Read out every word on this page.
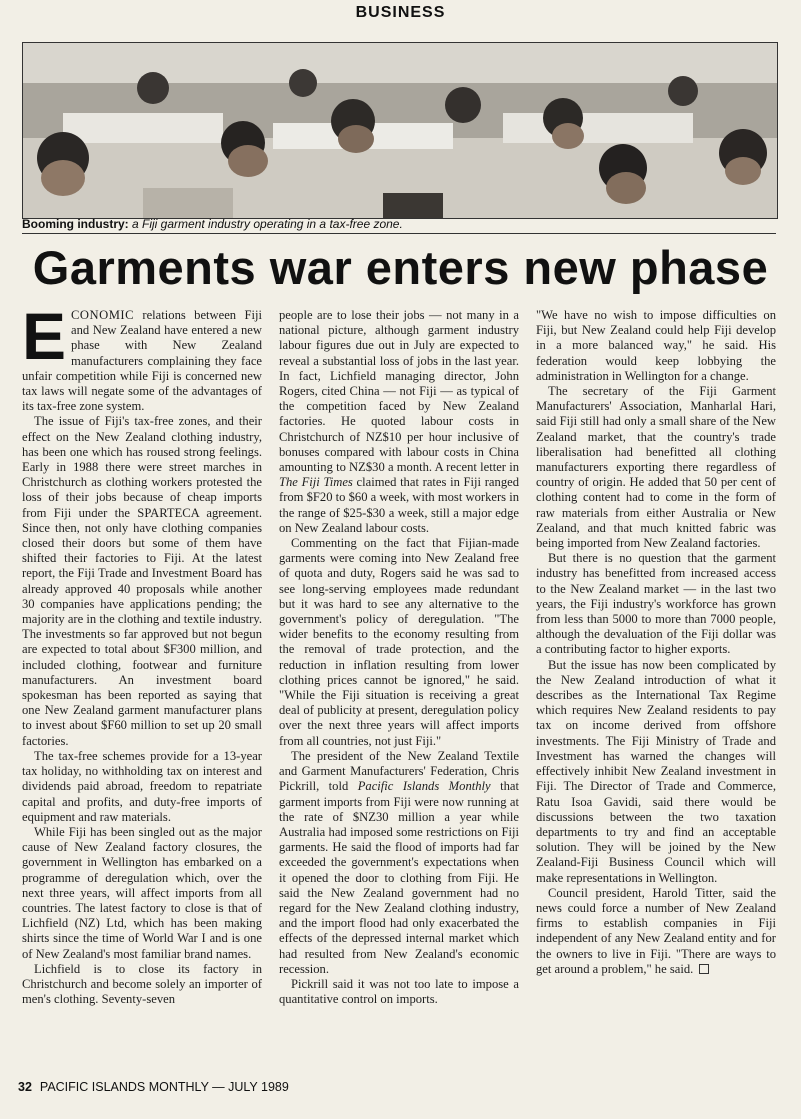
BUSINESS
Booming industry: a Fiji garment industry operating in a tax-free zone.
Garments war enters new phase

ECONOMIC relations between Fiji and New Zealand have entered a new phase with New Zealand manufacturers complaining they face unfair competition while Fiji is concerned new tax laws will negate some of the advantages of its tax-free zone system.

The issue of Fiji's tax-free zones, and their effect on the New Zealand clothing industry, has been one which has roused strong feelings. Early in 1988 there were street marches in Christchurch as clothing workers protested the loss of their jobs because of cheap imports from Fiji under the SPARTECA agreement. Since then, not only have clothing companies closed their doors but some of them have shifted their factories to Fiji. At the latest report, the Fiji Trade and Investment Board has already approved 40 proposals while another 30 companies have applications pending; the majority are in the clothing and textile industry. The investments so far approved but not begun are expected to total about $F300 million, and included clothing, footwear and furniture manufacturers. An investment board spokesman has been reported as saying that one New Zealand garment manufacturer plans to invest about $F60 million to set up 20 small factories.

The tax-free schemes provide for a 13-year tax holiday, no withholding tax on interest and dividends paid abroad, freedom to repatriate capital and profits, and duty-free imports of equipment and raw materials.

While Fiji has been singled out as the major cause of New Zealand factory closures, the government in Wellington has embarked on a programme of deregulation which, over the next three years, will affect imports from all countries. The latest factory to close is that of Lichfield (NZ) Ltd, which has been making shirts since the time of World War I and is one of New Zealand's most familiar brand names.

Lichfield is to close its factory in Christchurch and become solely an importer of men's clothing. Seventy-seven

people are to lose their jobs — not many in a national picture, although garment industry labour figures due out in July are expected to reveal a substantial loss of jobs in the last year. In fact, Lichfield managing director, John Rogers, cited China — not Fiji — as typical of the competition faced by New Zealand factories. He quoted labour costs in Christchurch of NZ$10 per hour inclusive of bonuses compared with labour costs in China amounting to NZ$30 a month. A recent letter in The Fiji Times claimed that rates in Fiji ranged from $F20 to $60 a week, with most workers in the range of $25-$30 a week, still a major edge on New Zealand labour costs.

Commenting on the fact that Fijian-made garments were coming into New Zealand free of quota and duty, Rogers said he was sad to see long-serving employees made redundant but it was hard to see any alternative to the government's policy of deregulation. "The wider benefits to the economy resulting from the removal of trade protection, and the reduction in inflation resulting from lower clothing prices cannot be ignored," he said. "While the Fiji situation is receiving a great deal of publicity at present, deregulation policy over the next three years will affect imports from all countries, not just Fiji."

The president of the New Zealand Textile and Garment Manufacturers' Federation, Chris Pickrill, told Pacific Islands Monthly that garment imports from Fiji were now running at the rate of $NZ30 million a year while Australia had imposed some restrictions on Fiji garments. He said the flood of imports had far exceeded the government's expectations when it opened the door to clothing from Fiji. He said the New Zealand government had no regard for the New Zealand clothing industry, and the import flood had only exacerbated the effects of the depressed internal market which had resulted from New Zealand's economic recession.

Pickrill said it was not too late to impose a quantitative control on imports.

"We have no wish to impose difficulties on Fiji, but New Zealand could help Fiji develop in a more balanced way," he said. His federation would keep lobbying the administration in Wellington for a change.

The secretary of the Fiji Garment Manufacturers' Association, Manharlal Hari, said Fiji still had only a small share of the New Zealand market, that the country's trade liberalisation had benefitted all clothing manufacturers exporting there regardless of country of origin. He added that 50 per cent of clothing content had to come in the form of raw materials from either Australia or New Zealand, and that much knitted fabric was being imported from New Zealand factories.

But there is no question that the garment industry has benefitted from increased access to the New Zealand market — in the last two years, the Fiji industry's workforce has grown from less than 5000 to more than 7000 people, although the devaluation of the Fiji dollar was a contributing factor to higher exports.

But the issue has now been complicated by the New Zealand introduction of what it describes as the International Tax Regime which requires New Zealand residents to pay tax on income derived from offshore investments. The Fiji Ministry of Trade and Investment has warned the changes will effectively inhibit New Zealand investment in Fiji. The Director of Trade and Commerce, Ratu Isoa Gavidi, said there would be discussions between the two taxation departments to try and find an acceptable solution. They will be joined by the New Zealand-Fiji Business Council which will make representations in Wellington.

Council president, Harold Titter, said the news could force a number of New Zealand firms to establish companies in Fiji independent of any New Zealand entity and for the owners to live in Fiji. "There are ways to get around a problem," he said.

32 PACIFIC ISLANDS MONTHLY — JULY 1989
